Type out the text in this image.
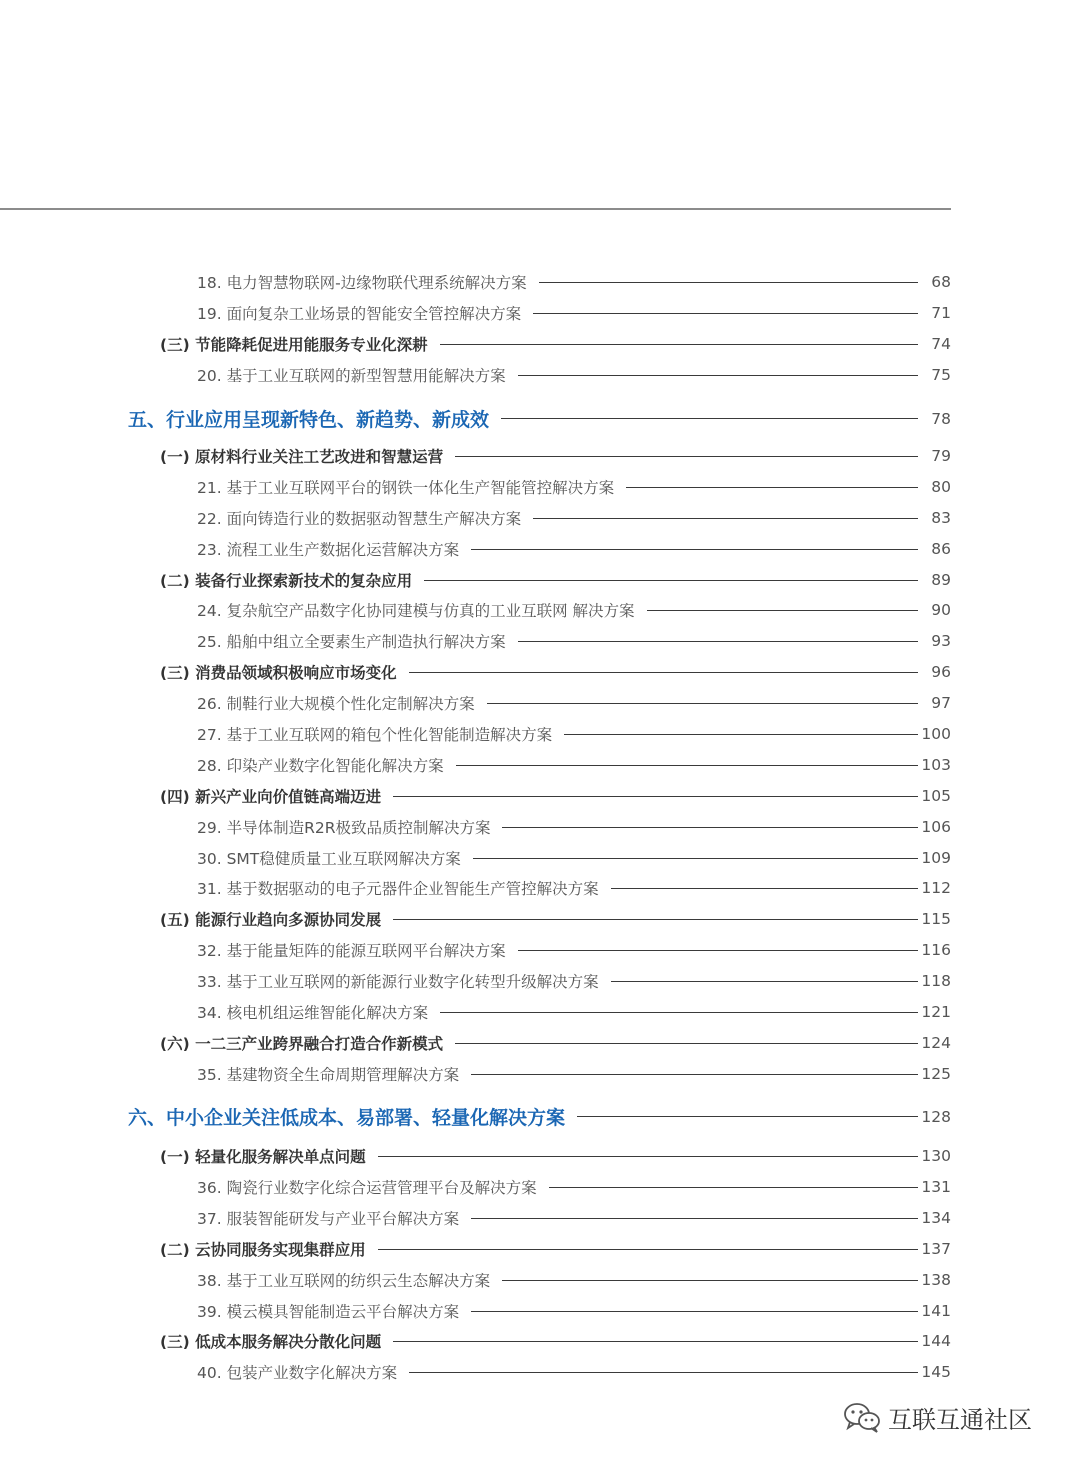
18. 电力智慧物联网-边缘物联代理系统解决方案	68
19. 面向复杂工业场景的智能安全管控解决方案	71
(三) 节能降耗促进用能服务专业化深耕	74
20. 基于工业互联网的新型智慧用能解决方案	75
五、行业应用呈现新特色、新趋势、新成效	78
(一) 原材料行业关注工艺改进和智慧运营	79
21. 基于工业互联网平台的钢铁一体化生产智能管控解决方案	80
22. 面向铸造行业的数据驱动智慧生产解决方案	83
23. 流程工业生产数据化运营解决方案	86
(二) 装备行业探索新技术的复杂应用	89
24. 复杂航空产品数字化协同建模与仿真的工业互联网 解决方案	90
25. 船舶中组立全要素生产制造执行解决方案	93
(三) 消费品领域积极响应市场变化	96
26. 制鞋行业大规模个性化定制解决方案	97
27. 基于工业互联网的箱包个性化智能制造解决方案	100
28. 印染产业数字化智能化解决方案	103
(四) 新兴产业向价值链高端迈进	105
29. 半导体制造R2R极致品质控制解决方案	106
30. SMT稳健质量工业互联网解决方案	109
31. 基于数据驱动的电子元器件企业智能生产管控解决方案	112
(五) 能源行业趋向多源协同发展	115
32. 基于能量矩阵的能源互联网平台解决方案	116
33. 基于工业互联网的新能源行业数字化转型升级解决方案	118
34. 核电机组运维智能化解决方案	121
(六) 一二三产业跨界融合打造合作新模式	124
35. 基建物资全生命周期管理解决方案	125
六、中小企业关注低成本、易部署、轻量化解决方案	128
(一) 轻量化服务解决单点问题	130
36. 陶瓷行业数字化综合运营管理平台及解决方案	131
37. 服装智能研发与产业平台解决方案	134
(二) 云协同服务实现集群应用	137
38. 基于工业互联网的纺织云生态解决方案	138
39. 模云模具智能制造云平台解决方案	141
(三) 低成本服务解决分散化问题	144
40. 包装产业数字化解决方案	145
互联互通社区
